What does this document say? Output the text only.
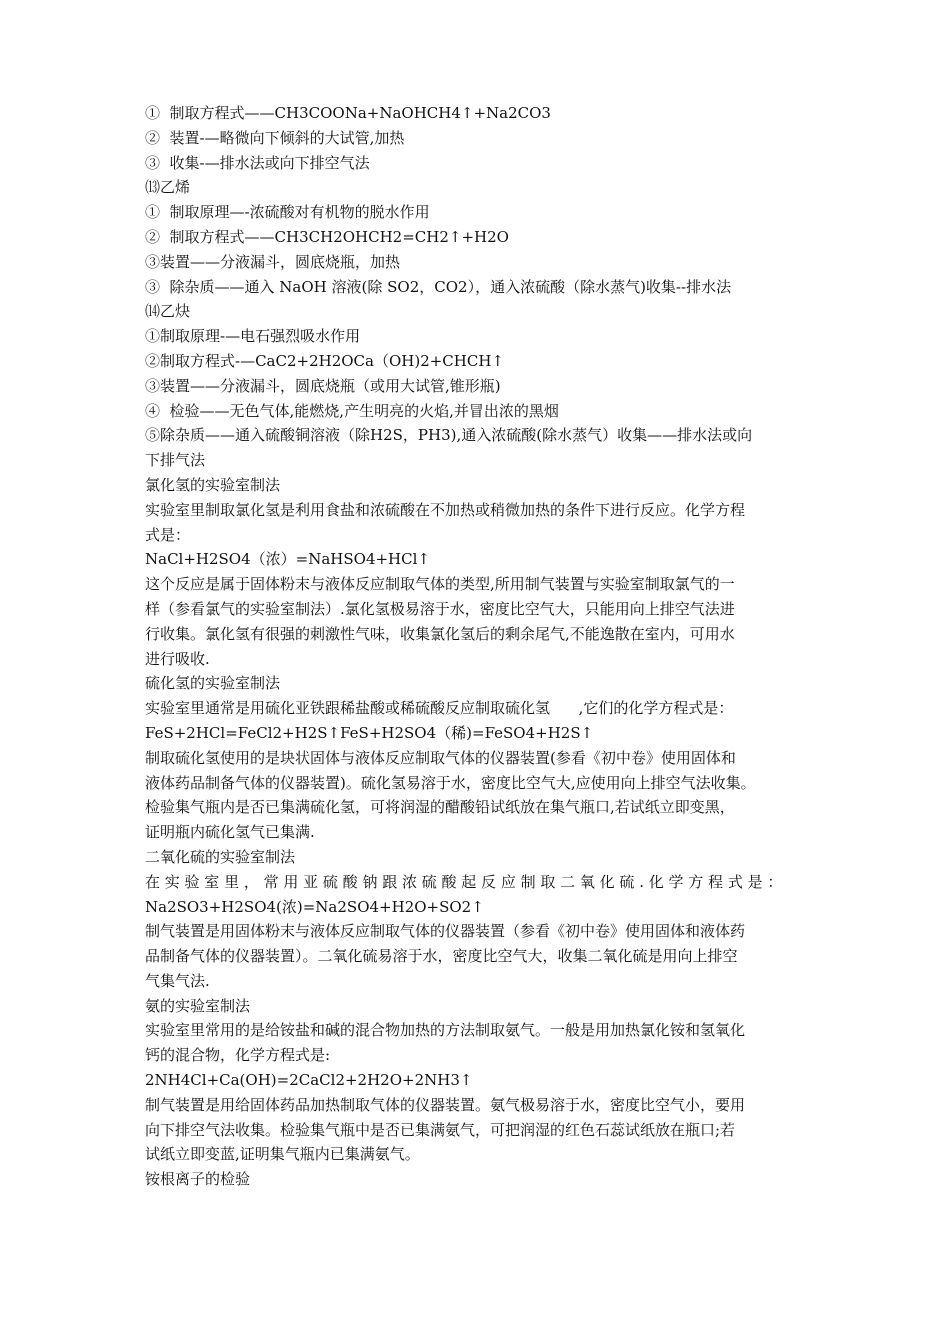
①  制取方程式——CH3COONa+NaOHCH4↑+Na2CO3
②  装置-—略微向下倾斜的大试管,加热
③  收集-—排水法或向下排空气法
⒀乙烯
①  制取原理—-浓硫酸对有机物的脱水作用
②  制取方程式——CH3CH2OHCH2=CH2↑+H2O
③装置——分液漏斗，圆底烧瓶，加热
③  除杂质——通入 NaOH 溶液(除 SO2，CO2），通入浓硫酸（除水蒸气)收集--排水法
⒁乙炔
①制取原理-—电石强烈吸水作用
②制取方程式-—CaC2+2H2OCa（OH)2+CHCH↑
③装置——分液漏斗，圆底烧瓶（或用大试管,锥形瓶)
④  检验——无色气体,能燃烧,产生明亮的火焰,并冒出浓的黑烟
⑤除杂质——通入硫酸铜溶液（除H2S，PH3),通入浓硫酸(除水蒸气）收集——排水法或向
下排气法
氯化氢的实验室制法
实验室里制取氯化氢是利用食盐和浓硫酸在不加热或稍微加热的条件下进行反应。化学方程
式是：
NaCl+H2SO4（浓）=NaHSO4+HCl↑
这个反应是属于固体粉末与液体反应制取气体的类型,所用制气装置与实验室制取氯气的一
样（参看氯气的实验室制法）.氯化氢极易溶于水，密度比空气大，只能用向上排空气法进
行收集。氯化氢有很强的刺激性气味，收集氯化氢后的剩余尾气,不能逸散在室内，可用水
进行吸收.
硫化氢的实验室制法
实验室里通常是用硫化亚铁跟稀盐酸或稀硫酸反应制取硫化氢      ,它们的化学方程式是：
FeS+2HCl=FeCl2+H2S↑FeS+H2SO4（稀)=FeSO4+H2S↑
制取硫化氢使用的是块状固体与液体反应制取气体的仪器装置(参看《初中卷》使用固体和
液体药品制备气体的仪器装置)。硫化氢易溶于水，密度比空气大,应使用向上排空气法收集。
检验集气瓶内是否已集满硫化氢，可将润湿的醋酸铅试纸放在集气瓶口,若试纸立即变黑，
证明瓶内硫化氢气已集满.
二氧化硫的实验室制法
在 实 验 室 里 ， 常 用 亚 硫 酸 钠 跟 浓 硫 酸 起 反 应 制 取 二 氧 化 硫 . 化 学 方 程 式 是 ：
Na2SO3+H2SO4(浓)=Na2SO4+H2O+SO2↑
制气装置是用固体粉末与液体反应制取气体的仪器装置（参看《初中卷》使用固体和液体药
品制备气体的仪器装置）。二氧化硫易溶于水，密度比空气大，收集二氧化硫是用向上排空
气集气法.
氨的实验室制法
实验室里常用的是给铵盐和碱的混合物加热的方法制取氨气。一般是用加热氯化铵和氢氧化
钙的混合物，化学方程式是:
2NH4Cl+Ca(OH)=2CaCl2+2H2O+2NH3↑
制气装置是用给固体药品加热制取气体的仪器装置。氨气极易溶于水，密度比空气小，要用
向下排空气法收集。检验集气瓶中是否已集满氨气，可把润湿的红色石蕊试纸放在瓶口;若
试纸立即变蓝,证明集气瓶内已集满氨气。
铵根离子的检验
